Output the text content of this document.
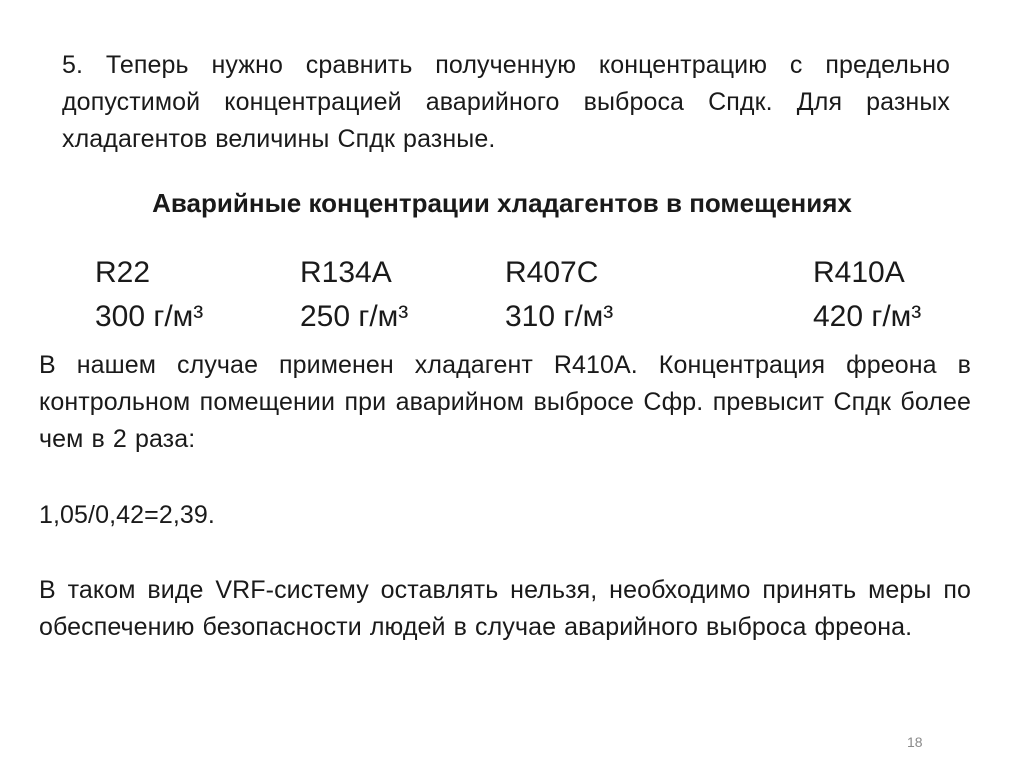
5. Теперь нужно сравнить полученную концентрацию с предельно допустимой концентрацией аварийного выброса Спдк. Для разных хладагентов величины Спдк разные.

Аварийные концентрации хладагентов в помещениях
R22
300 г/м³
R134A
250 г/м³
R407C
310 г/м³
R410A
420 г/м³

В нашем случае применен хладагент R410A. Концентрация фреона в контрольном помещении при аварийном выбросе Сфр. превысит Спдк более чем в 2 раза:

1,05/0,42=2,39.

В таком виде VRF-систему оставлять нельзя, необходимо принять меры по обеспечению безопасности людей в случае аварийного выброса фреона.

18
